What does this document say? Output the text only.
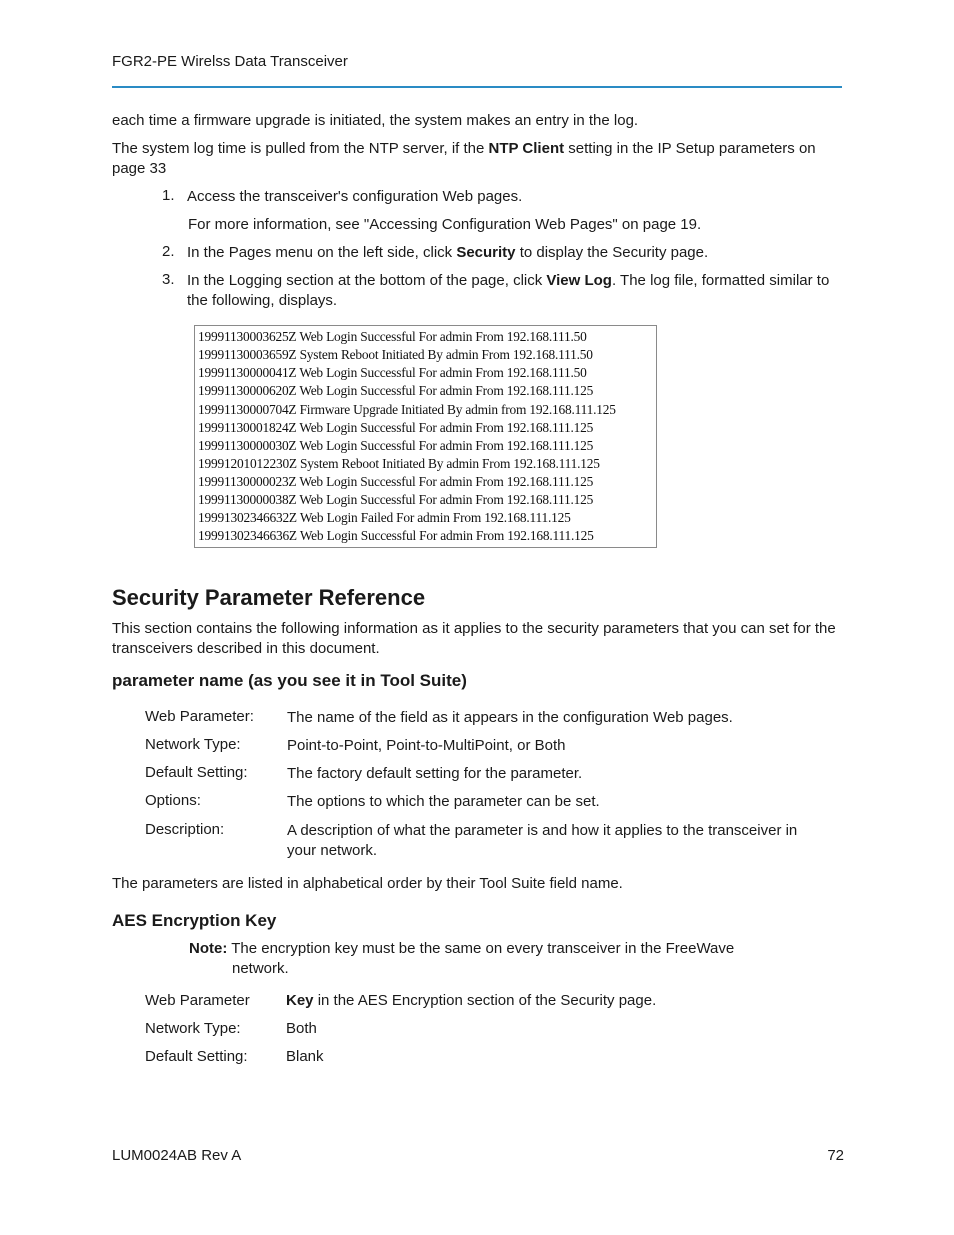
FGR2-PE Wirelss Data Transceiver
each time a firmware upgrade is initiated, the system makes an entry in the log.
The system log time is pulled from the NTP server, if the NTP Client setting in the IP Setup parameters on
page 33
1. Access the transceiver's configuration Web pages.
For more information, see "Accessing Configuration Web Pages" on page 19.
2. In the Pages menu on the left side, click Security to display the Security page.
3. In the Logging section at the bottom of the page, click View Log. The log file, formatted similar to
the following, displays.
19991130003625Z Web Login Successful For admin From 192.168.111.50
19991130003659Z System Reboot Initiated By admin From 192.168.111.50
19991130000041Z Web Login Successful For admin From 192.168.111.50
19991130000620Z Web Login Successful For admin From 192.168.111.125
19991130000704Z Firmware Upgrade Initiated By admin from 192.168.111.125
19991130001824Z Web Login Successful For admin From 192.168.111.125
19991130000030Z Web Login Successful For admin From 192.168.111.125
19991201012230Z System Reboot Initiated By admin From 192.168.111.125
19991130000023Z Web Login Successful For admin From 192.168.111.125
19991130000038Z Web Login Successful For admin From 192.168.111.125
19991302346632Z Web Login Failed For admin From 192.168.111.125
19991302346636Z Web Login Successful For admin From 192.168.111.125
Security Parameter Reference
This section contains the following information as it applies to the security parameters that you can set for the
transceivers described in this document.
parameter name (as you see it in Tool Suite)
Web Parameter: The name of the field as it appears in the configuration Web pages.
Network Type:	Point-to-Point, Point-to-MultiPoint, or Both
Default Setting:	The factory default setting for the parameter.
Options:	The options to which the parameter can be set.
Description:	A description of what the parameter is and how it applies to the transceiver in
your network.
The parameters are listed in alphabetical order by their Tool Suite field name.
AES Encryption Key
Note: The encryption key must be the same on every transceiver in the FreeWave
network.
Web Parameter Key in the AES Encryption section of the Security page.
Network Type:	Both
Default Setting:	Blank
LUM0024AB Rev A	72
